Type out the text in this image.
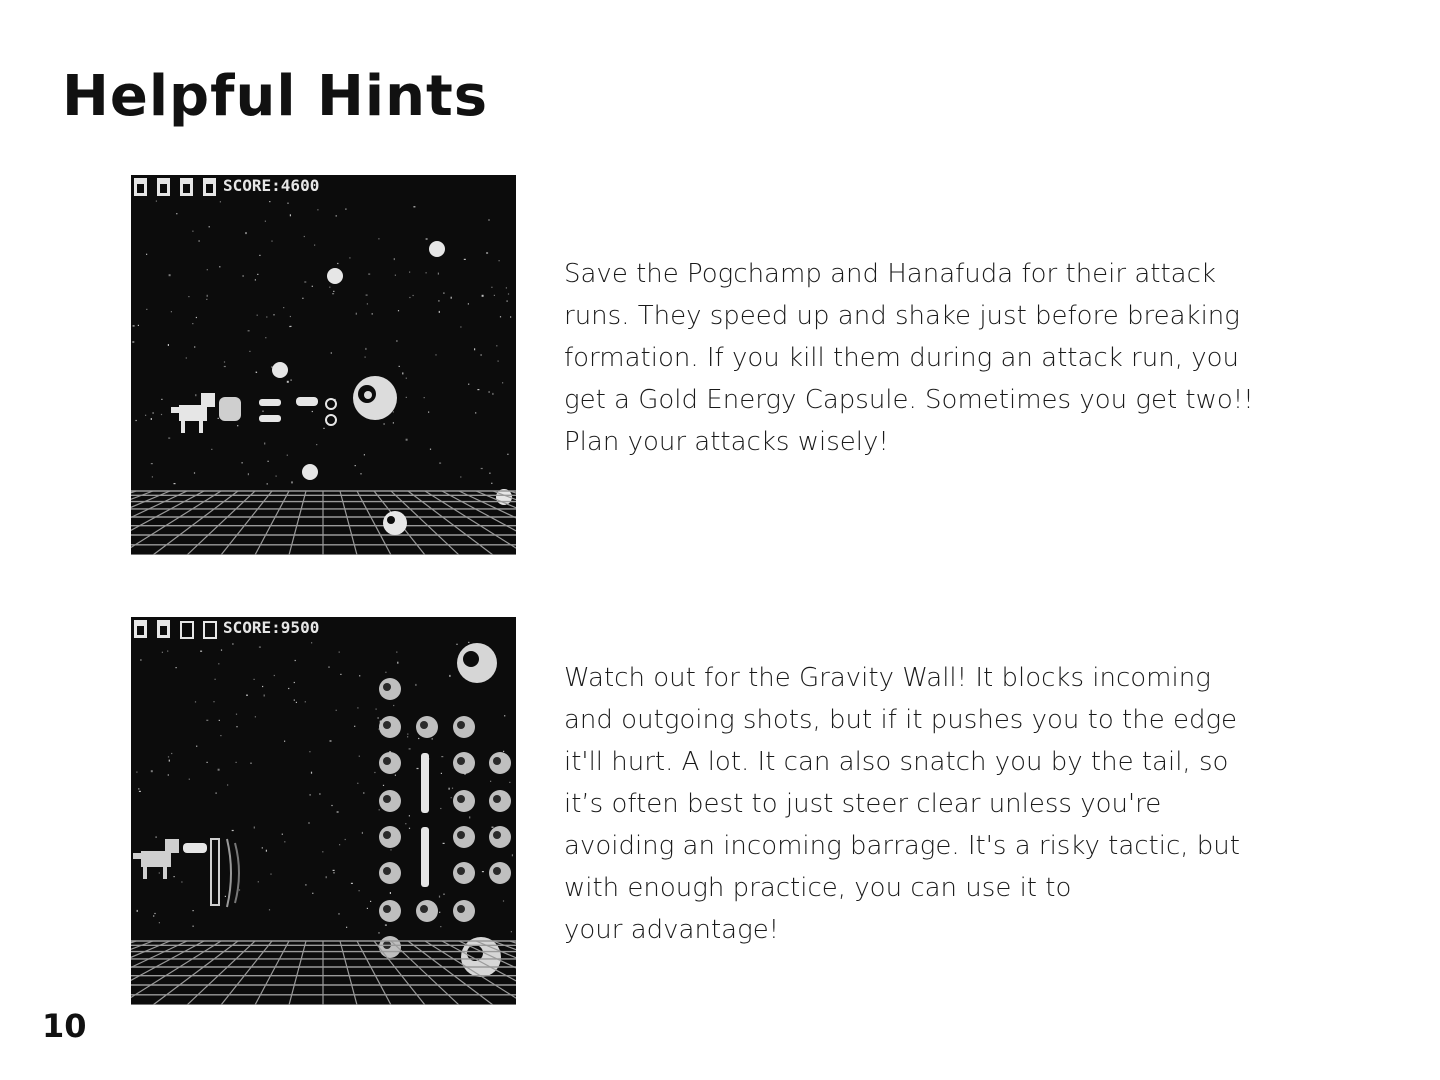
Helpful Hints
SCORE:4600

Save the Pogchamp and Hanafuda for their attack
runs. They speed up and shake just before breaking
formation. If you kill them during an attack run, you
get a Gold Energy Capsule. Sometimes you get two!!
Plan your attacks wisely!

SCORE:9500

Watch out for the Gravity Wall! It blocks incoming
and outgoing shots, but if it pushes you to the edge
it'll hurt. A lot. It can also snatch you by the tail, so
it’s often best to just steer clear unless you're
avoiding an incoming barrage. It's a risky tactic, but
with enough practice, you can use it to
your advantage!

10
